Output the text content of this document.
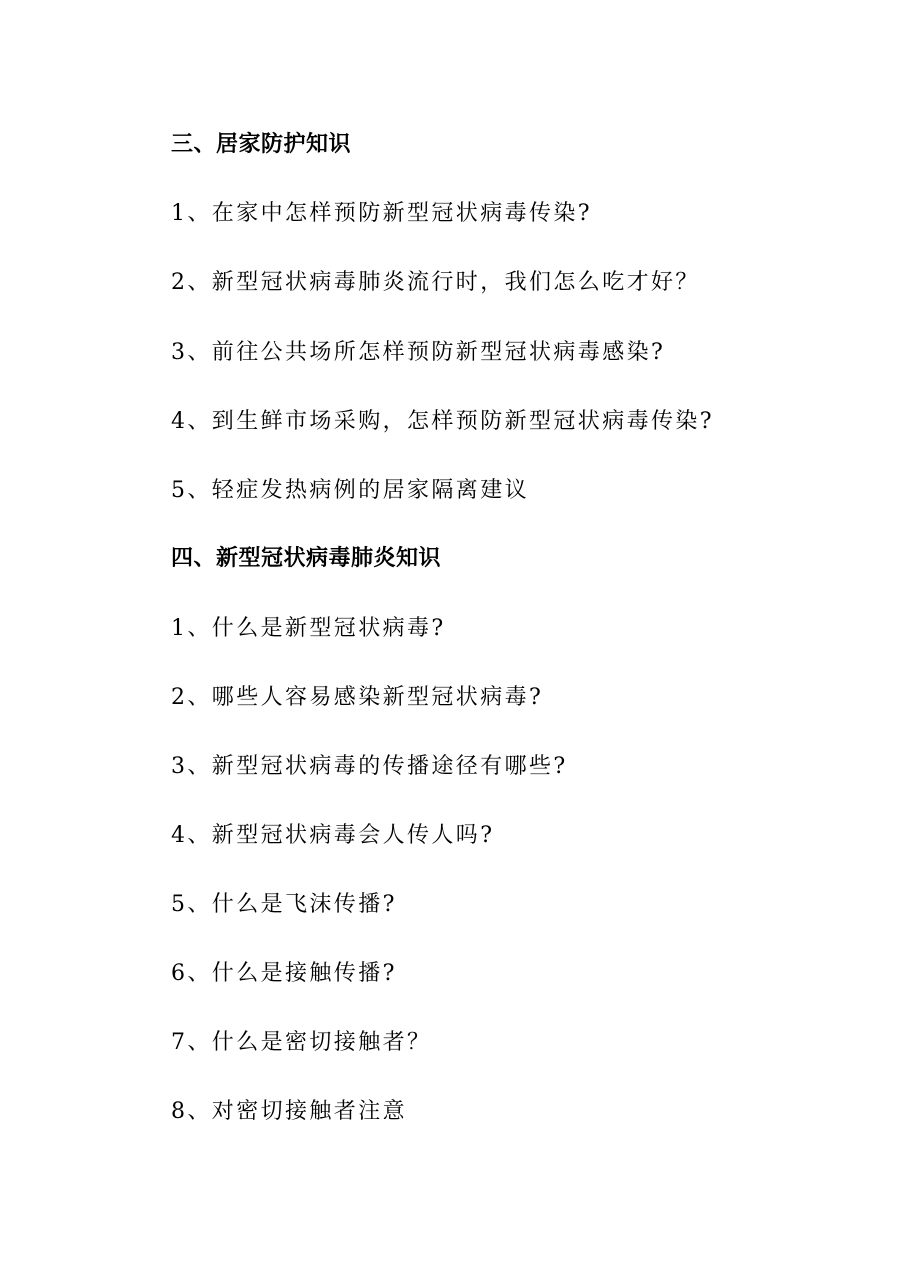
三、居家防护知识

1、在家中怎样预防新型冠状病毒传染?

2、新型冠状病毒肺炎流行时，我们怎么吃才好？

3、前往公共场所怎样预防新型冠状病毒感染?

4、到生鲜市场采购，怎样预防新型冠状病毒传染?

5、轻症发热病例的居家隔离建议

四、新型冠状病毒肺炎知识

1、什么是新型冠状病毒?

2、哪些人容易感染新型冠状病毒?

3、新型冠状病毒的传播途径有哪些?

4、新型冠状病毒会人传人吗?

5、什么是飞沫传播?

6、什么是接触传播?

7、什么是密切接触者？

8、对密切接触者注意
